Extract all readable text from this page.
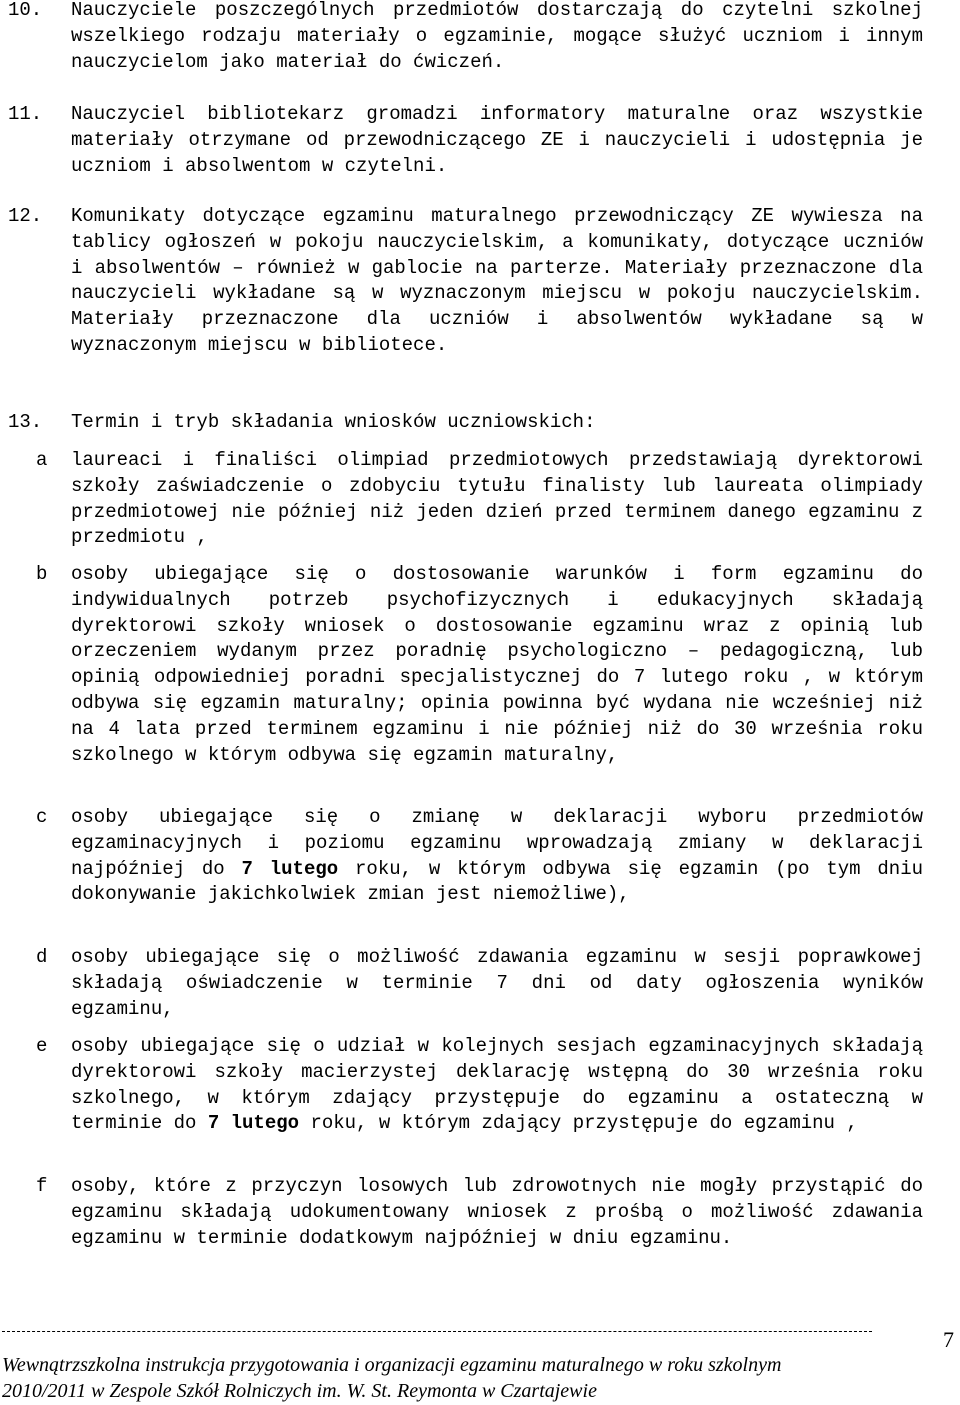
10.	Nauczyciele poszczególnych przedmiotów dostarczają do czytelni szkolnej wszelkiego rodzaju materiały o egzaminie, mogące służyć uczniom i innym nauczycielom jako materiał do ćwiczeń.

11.	Nauczyciel bibliotekarz gromadzi informatory maturalne oraz wszystkie materiały otrzymane od przewodniczącego ZE i nauczycieli i udostępnia je uczniom i absolwentom w czytelni.

12.	Komunikaty dotyczące egzaminu maturalnego przewodniczący ZE wywiesza na tablicy ogłoszeń w pokoju nauczycielskim, a komunikaty, dotyczące uczniów i absolwentów – również w gablocie na parterze. Materiały przeznaczone dla nauczycieli wykładane są w wyznaczonym miejscu w pokoju nauczycielskim. Materiały przeznaczone dla uczniów i absolwentów wykładane są w wyznaczonym miejscu w bibliotece.

13.	Termin i tryb składania wniosków uczniowskich:

a	laureaci i finaliści olimpiad przedmiotowych przedstawiają dyrektorowi szkoły zaświadczenie o zdobyciu tytułu finalisty lub laureata olimpiady przedmiotowej nie później niż jeden dzień przed terminem danego egzaminu z przedmiotu ,
b	osoby ubiegające się o dostosowanie warunków i form egzaminu do indywidualnych potrzeb psychofizycznych i edukacyjnych składają dyrektorowi szkoły wniosek o dostosowanie egzaminu wraz z opinią lub orzeczeniem wydanym przez poradnię psychologiczno – pedagogiczną, lub opinią odpowiedniej poradni specjalistycznej do 7 lutego roku , w którym odbywa się egzamin maturalny; opinia powinna być wydana nie wcześniej niż na 4 lata przed terminem egzaminu i nie później niż do 30 września roku szkolnego w którym odbywa się egzamin maturalny,
c	osoby ubiegające się o zmianę w deklaracji wyboru przedmiotów egzaminacyjnych i poziomu egzaminu wprowadzają zmiany w deklaracji najpóźniej do 7 lutego roku, w którym odbywa się egzamin (po tym dniu dokonywanie jakichkolwiek zmian jest niemożliwe),
d	osoby ubiegające się o możliwość zdawania egzaminu w sesji poprawkowej składają oświadczenie w terminie 7 dni od daty ogłoszenia wyników egzaminu,
e	osoby ubiegające się o udział w kolejnych sesjach egzaminacyjnych składają dyrektorowi szkoły macierzystej deklarację wstępną do 30 września roku szkolnego, w którym zdający przystępuje do egzaminu a ostateczną w terminie do 7 lutego roku, w którym zdający przystępuje do egzaminu ,
f	osoby, które z przyczyn losowych lub zdrowotnych nie mogły przystąpić do egzaminu składają udokumentowany wniosek z prośbą o możliwość zdawania egzaminu w terminie dodatkowym najpóźniej w dniu egzaminu.
7
Wewnątrzszkolna instrukcja przygotowania i organizacji egzaminu maturalnego w roku szkolnym
2010/2011 w Zespole Szkół Rolniczych im. W. St. Reymonta w Czartajewie
